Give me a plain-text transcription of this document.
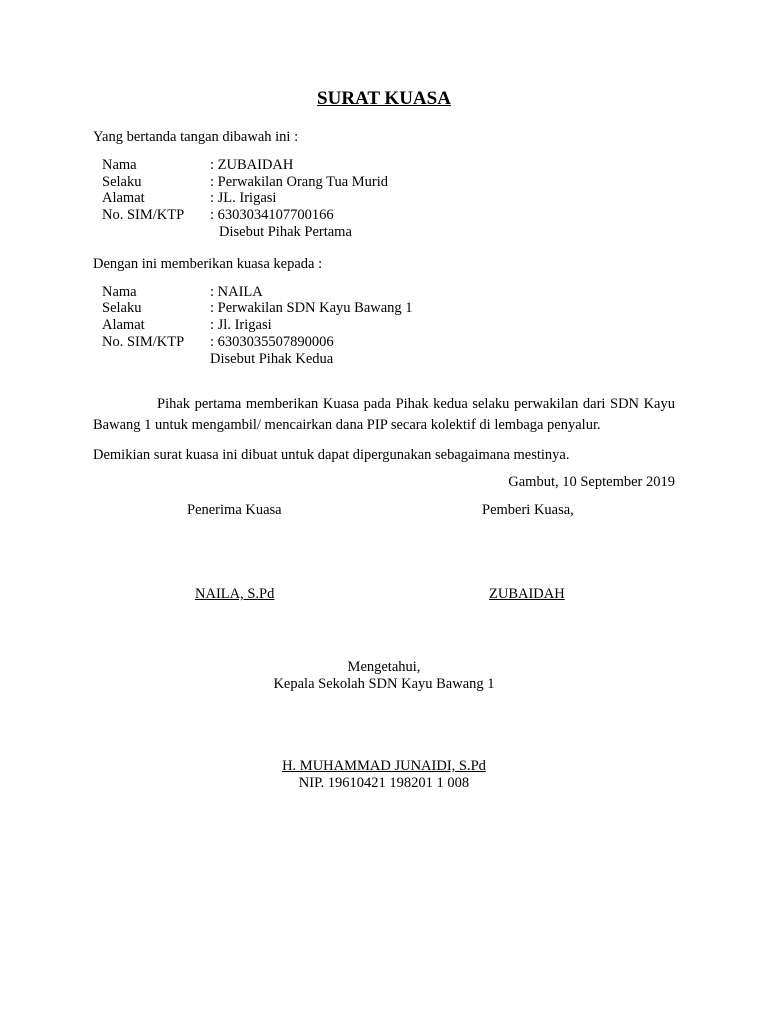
SURAT KUASA
Yang bertanda tangan dibawah ini :
Nama	: ZUBAIDAH
Selaku	: Perwakilan Orang Tua Murid
Alamat	: JL. Irigasi
No. SIM/KTP : 6303034107700166
Disebut Pihak Pertama
Dengan ini memberikan kuasa kepada :
Nama	: NAILA
Selaku	: Perwakilan SDN Kayu Bawang 1
Alamat	: Jl. Irigasi
No. SIM/KTP : 6303035507890006
Disebut Pihak Kedua
Pihak pertama memberikan Kuasa pada Pihak kedua selaku perwakilan dari SDN Kayu Bawang 1 untuk mengambil/ mencairkan dana PIP secara kolektif di lembaga penyalur.
Demikian surat kuasa ini dibuat untuk dapat dipergunakan sebagaimana mestinya.
Gambut, 10 September 2019
Penerima Kuasa	Pemberi Kuasa,
NAILA, S.Pd	ZUBAIDAH
Mengetahui,
Kepala Sekolah SDN Kayu Bawang 1
H. MUHAMMAD JUNAIDI, S.Pd
NIP. 19610421 198201 1 008
